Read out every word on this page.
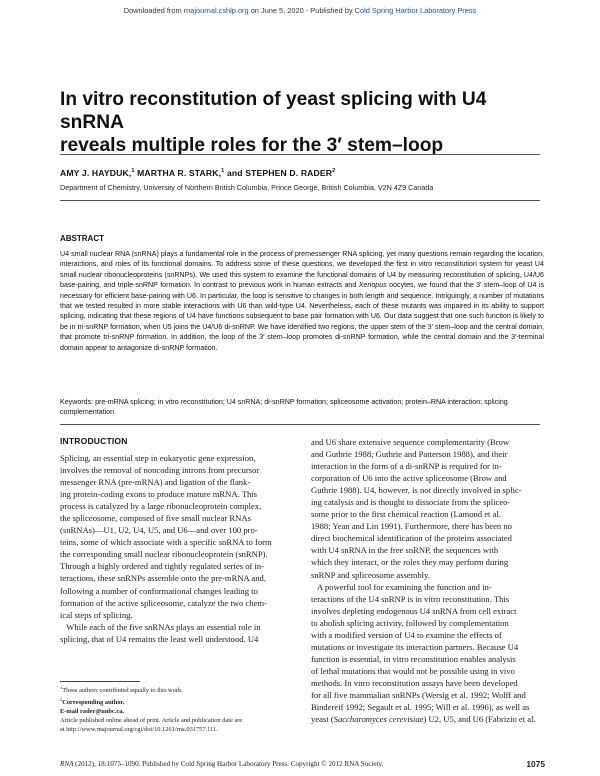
Downloaded from rnajournal.cshlp.org on June 5, 2020 - Published by Cold Spring Harbor Laboratory Press
In vitro reconstitution of yeast splicing with U4 snRNA
reveals multiple roles for the 3′ stem–loop
AMY J. HAYDUK,$^1$ MARTHA R. STARK,$^1$ and STEPHEN D. RADER$^2$
Department of Chemistry, University of Northern British Columbia, Prince George, British Columbia, V2N 4Z9 Canada
ABSTRACT
U4 small nuclear RNA (snRNA) plays a fundamental role in the process of premessenger RNA splicing, yet many questions remain regarding the location, interactions, and roles of its functional domains. To address some of these questions, we developed the first in vitro reconstitution system for yeast U4 small nuclear ribonucleoproteins (snRNPs). We used this system to examine the functional domains of U4 by measuring reconstitution of splicing, U4/U6 base-pairing, and triple-snRNP formation. In contrast to previous work in human extracts and Xenopus oocytes, we found that the 3′ stem–loop of U4 is necessary for efficient base-pairing with U6. In particular, the loop is sensitive to changes in both length and sequence. Intriguingly, a number of mutations that we tested resulted in more stable interactions with U6 than wild-type U4. Nevertheless, each of these mutants was impaired in its ability to support splicing, indicating that these regions of U4 have functions subsequent to base pair formation with U6. Our data suggest that one such function is likely to be in tri-snRNP formation, when U5 joins the U4/U6 di-snRNP. We have identified two regions, the upper stem of the 3′ stem–loop and the central domain, that promote tri-snRNP formation. In addition, the loop of the 3′ stem–loop promotes di-snRNP formation, while the central domain and the 3′-terminal domain appear to antagonize di-snRNP formation.
Keywords: pre-mRNA splicing; in vitro reconstitution; U4 snRNA; di-snRNP formation; spliceosome activation; protein–RNA interaction; splicing complementation
INTRODUCTION

Splicing, an essential step in eukaryotic gene expression,

involves the removal of noncoding introns from precursor

messenger RNA (pre-mRNA) and ligation of the flank-

ing protein-coding exons to produce mature mRNA. This

process is catalyzed by a large ribonucleoprotein complex,

the spliceosome, composed of five small nuclear RNAs

(snRNAs)—U1, U2, U4, U5, and U6—and over 100 pro-

teins, some of which associate with a specific snRNA to form

the corresponding small nuclear ribonucleoprotein (snRNP).

Through a highly ordered and tightly regulated series of in-

teractions, these snRNPs assemble onto the pre-mRNA and,

following a number of conformational changes leading to

formation of the active spliceosome, catalyze the two chem-

ical steps of splicing.

While each of the five snRNAs plays an essential role in

splicing, that of U4 remains the least well understood. U4

and U6 share extensive sequence complementarity (Brow

and Guthrie 1988; Guthrie and Patterson 1988), and their

interaction in the form of a di-snRNP is required for in-

corporation of U6 into the active spliceosome (Brow and

Guthrie 1988). U4, however, is not directly involved in splic-

ing catalysis and is thought to dissociate from the spliceo-

some prior to the first chemical reaction (Lamond et al.

1988; Yean and Lin 1991). Furthermore, there has been no

direct biochemical identification of the proteins associated

with U4 snRNA in the free snRNP, the sequences with

which they interact, or the roles they may perform during

snRNP and spliceosome assembly.

A powerful tool for examining the function and in-

teractions of the U4 snRNP is in vitro reconstitution. This

involves depleting endogenous U4 snRNA from cell extract

to abolish splicing activity, followed by complementation

with a modified version of U4 to examine the effects of

mutations or investigate its interaction partners. Because U4

function is essential, in vitro reconstitution enables analysis

of lethal mutations that would not be possible using in vivo

methods. In vitro reconstitution assays have been developed

for all five mammalian snRNPs (Wersig et al. 1992; Wolff and

Bindereif 1992; Segault et al. 1995; Will et al. 1996), as well as

yeast (Saccharomyces cerevisiae) U2, U5, and U6 (Fabrizio et al.

$^1$These authors contributed equally to this work.

$^2$Corresponding author.

E-mail rader@unbc.ca.

Article published online ahead of print. Article and publication date are

at http://www.rnajournal.org/cgi/doi/10.1261/rna.031757.111.

RNA (2012), 18:1075–1090. Published by Cold Spring Harbor Laboratory Press. Copyright © 2012 RNA Society.	1075
